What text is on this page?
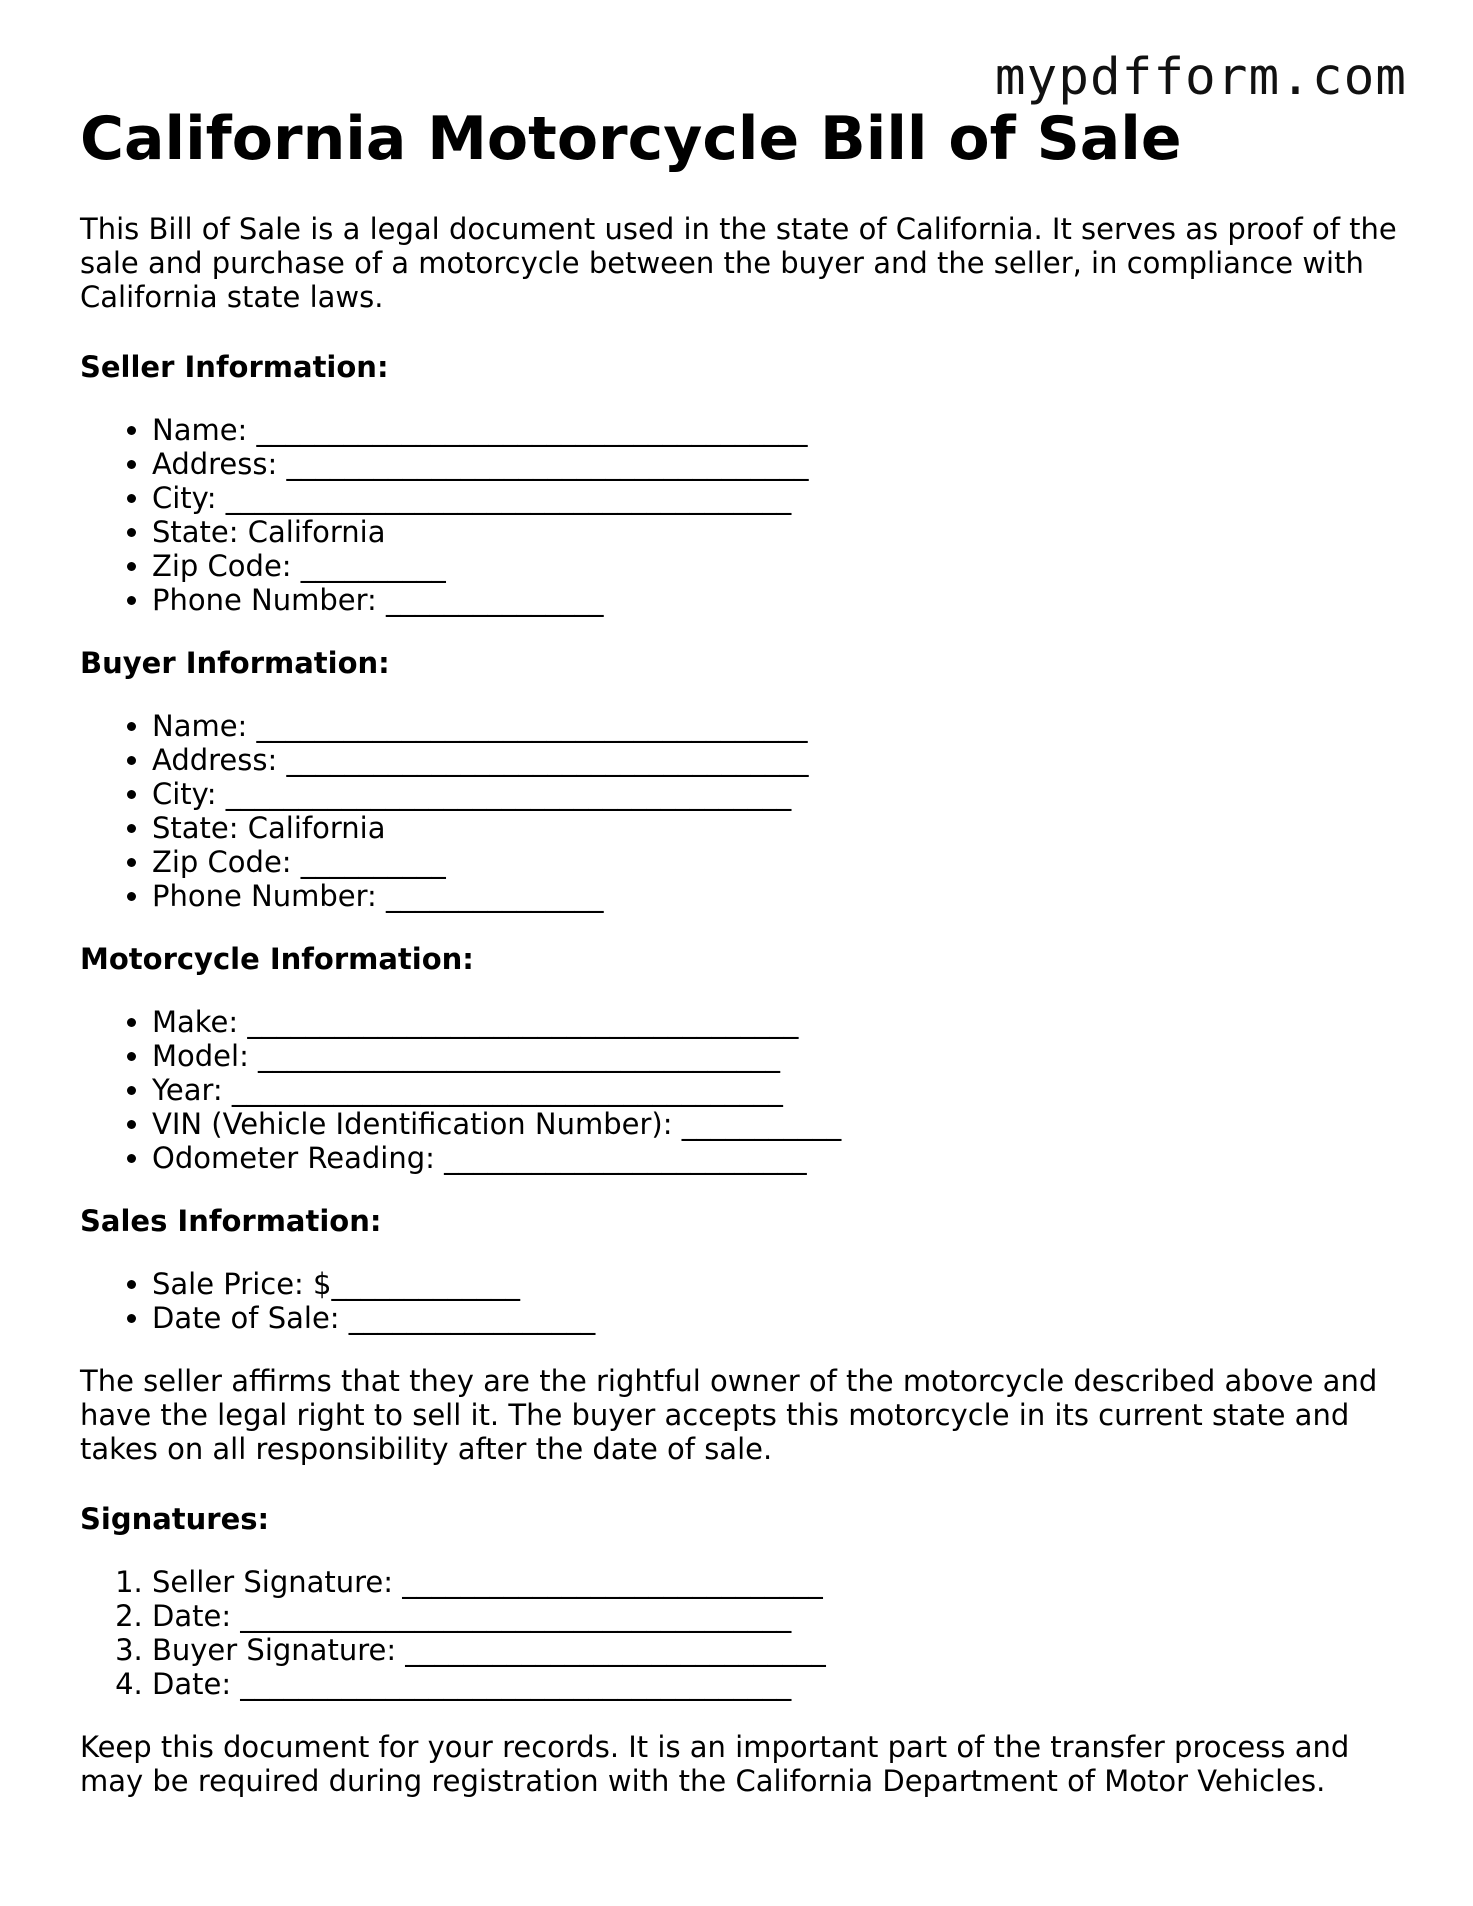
mypdfform.com
California Motorcycle Bill of Sale

This Bill of Sale is a legal document used in the state of California. It serves as proof of the sale and purchase of a motorcycle between the buyer and the seller, in compliance with California state laws.

Seller Information:
• Name: ______________________________________
• Address: ____________________________________
• City: _______________________________________
• State: California
• Zip Code: __________
• Phone Number: _______________
Buyer Information:
• Name: ______________________________________
• Address: ____________________________________
• City: _______________________________________
• State: California
• Zip Code: __________
• Phone Number: _______________
Motorcycle Information:
• Make: ______________________________________
• Model: ____________________________________
• Year: ______________________________________
• VIN (Vehicle Identification Number): ___________
• Odometer Reading: _________________________
Sales Information:
• Sale Price: $_____________
• Date of Sale: _________________

The seller affirms that they are the rightful owner of the motorcycle described above and have the legal right to sell it. The buyer accepts this motorcycle in its current state and takes on all responsibility after the date of sale.

Signatures:
1. Seller Signature: _____________________________
2. Date: ______________________________________
3. Buyer Signature: _____________________________
4. Date: ______________________________________

Keep this document for your records. It is an important part of the transfer process and may be required during registration with the California Department of Motor Vehicles.
